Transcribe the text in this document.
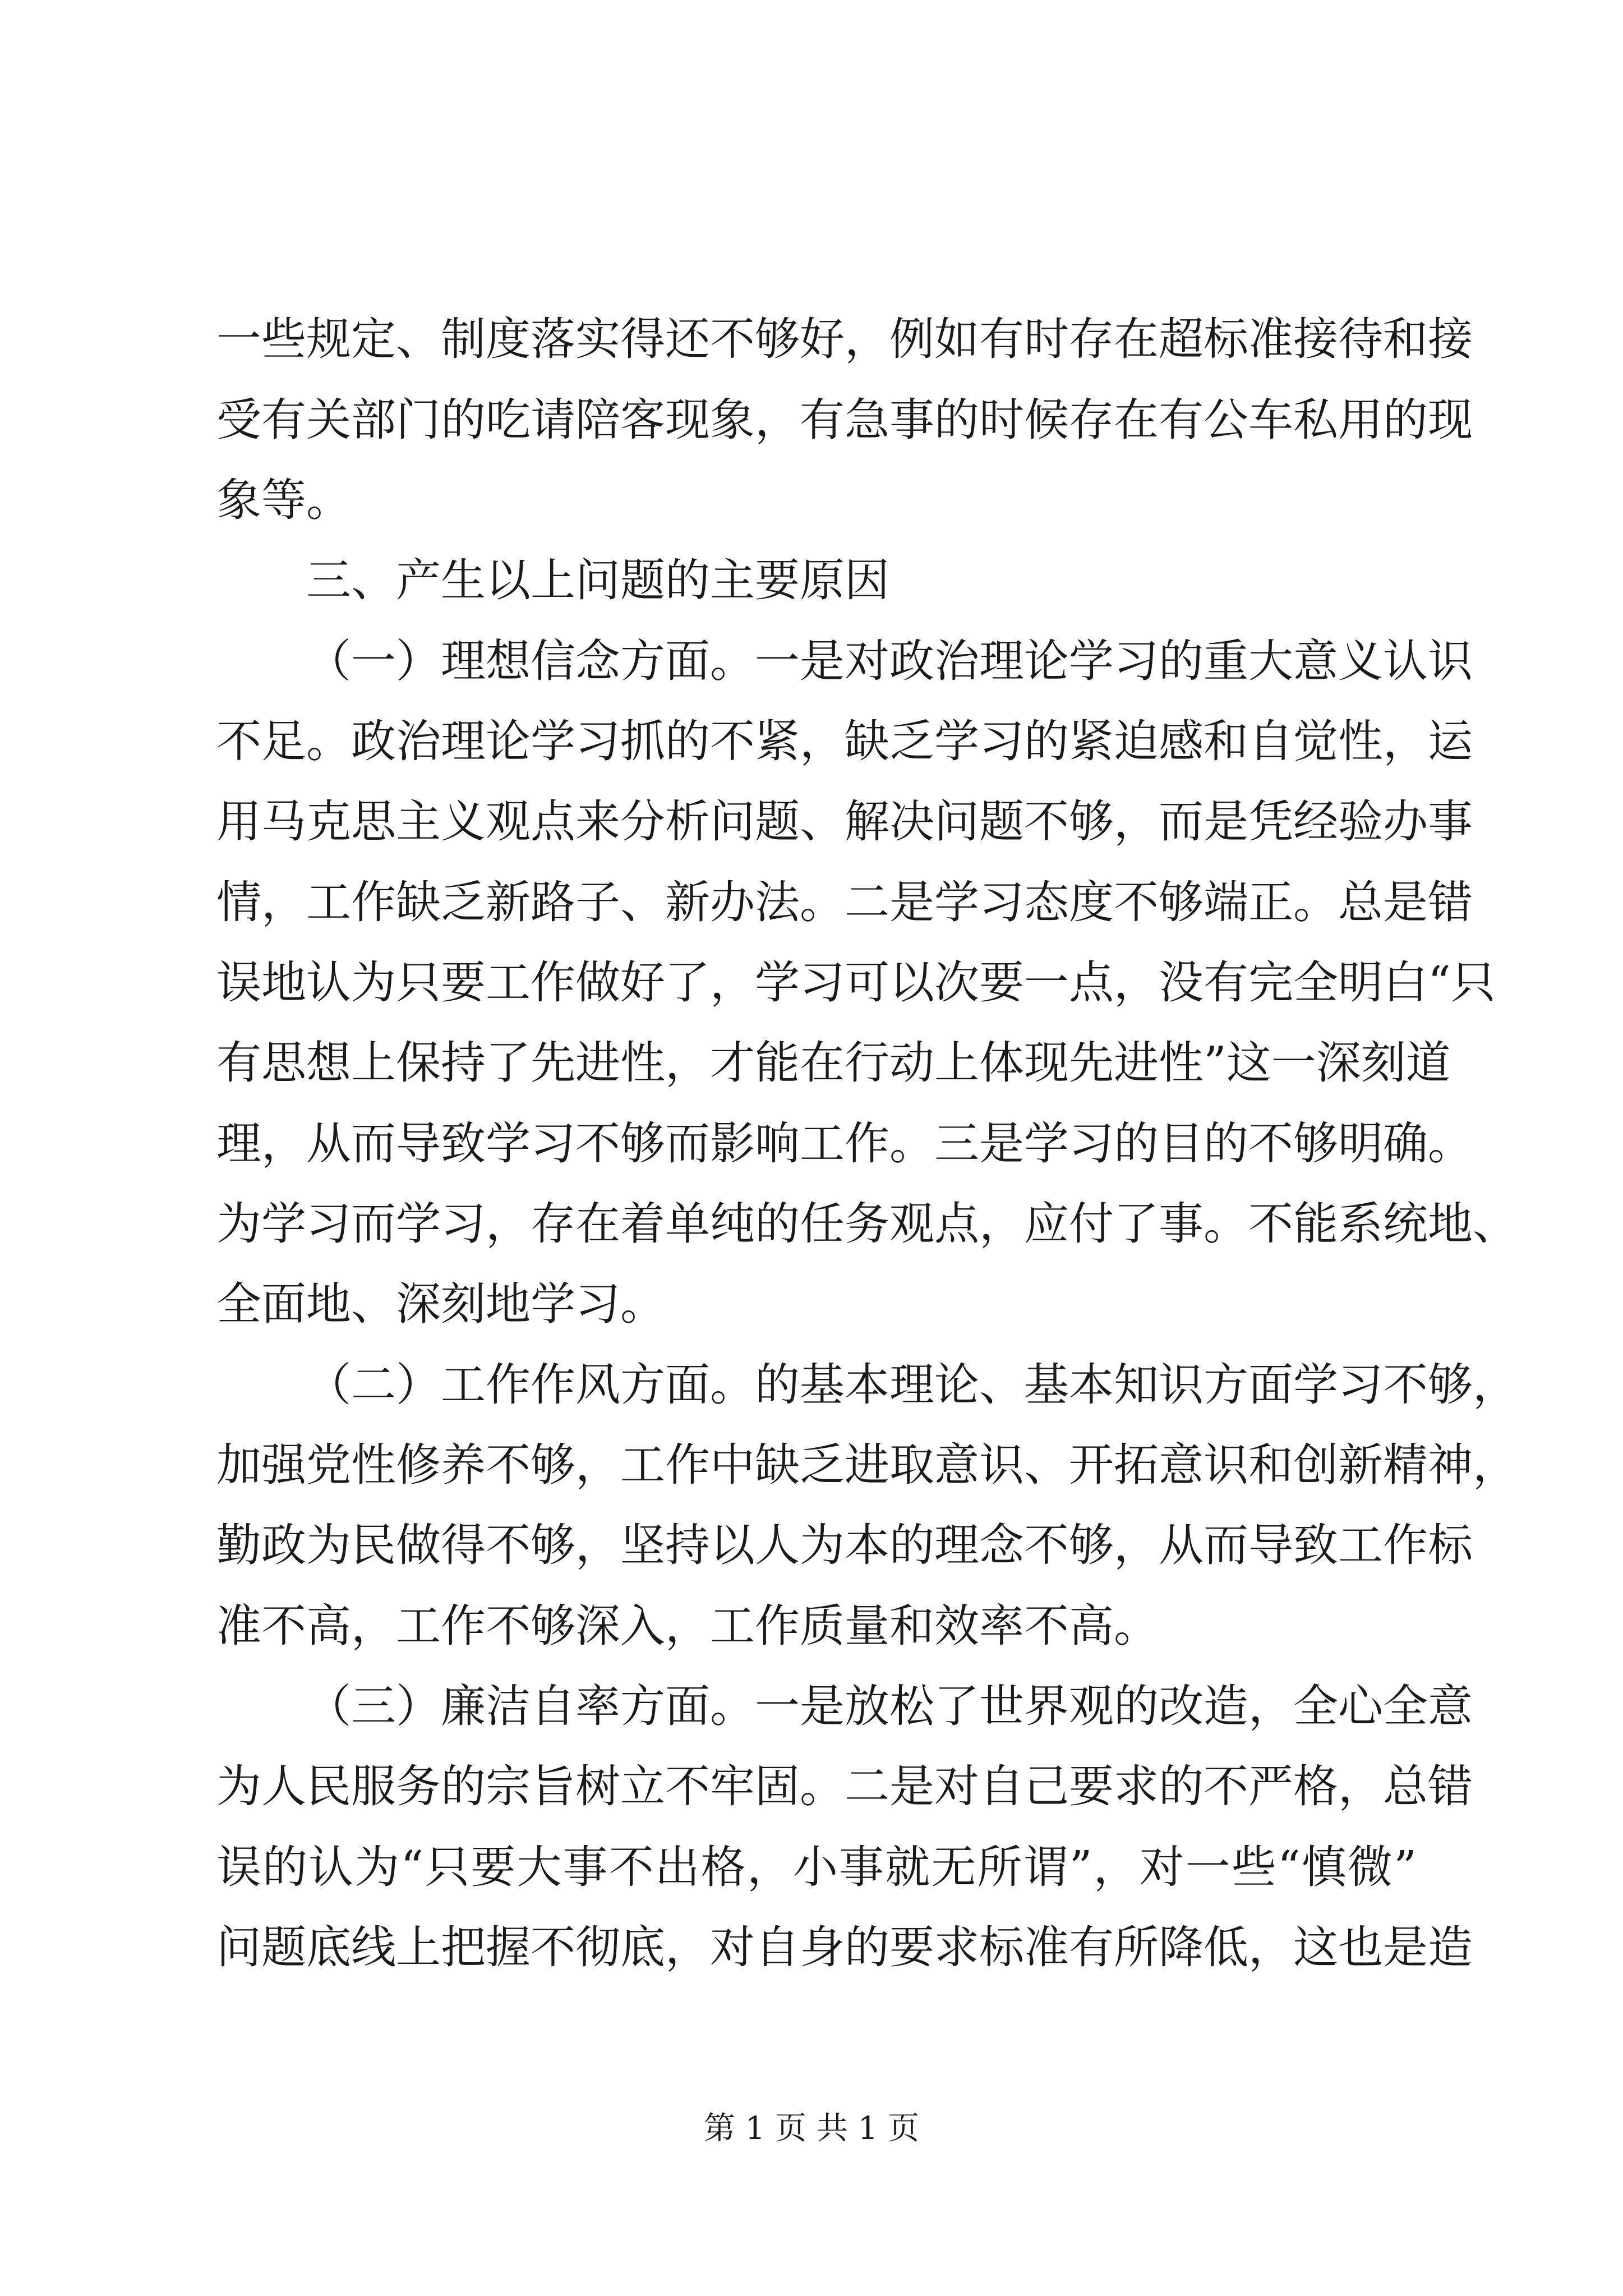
一些规定、制度落实得还不够好，例如有时存在超标准接待和接
受有关部门的吃请陪客现象，有急事的时候存在有公车私用的现
象等。
三、产生以上问题的主要原因
（一）理想信念方面。一是对政治理论学习的重大意义认识
不足。政治理论学习抓的不紧，缺乏学习的紧迫感和自觉性，运
用马克思主义观点来分析问题、解决问题不够，而是凭经验办事
情，工作缺乏新路子、新办法。二是学习态度不够端正。总是错
误地认为只要工作做好了，学习可以次要一点，没有完全明白“只
有思想上保持了先进性，才能在行动上体现先进性”这一深刻道
理，从而导致学习不够而影响工作。三是学习的目的不够明确。
为学习而学习，存在着单纯的任务观点，应付了事。不能系统地、
全面地、深刻地学习。
（二）工作作风方面。的基本理论、基本知识方面学习不够，
加强党性修养不够，工作中缺乏进取意识、开拓意识和创新精神，
勤政为民做得不够，坚持以人为本的理念不够，从而导致工作标
准不高，工作不够深入，工作质量和效率不高。
（三）廉洁自率方面。一是放松了世界观的改造，全心全意
为人民服务的宗旨树立不牢固。二是对自己要求的不严格，总错
误的认为“只要大事不出格，小事就无所谓”，对一些“慎微”
问题底线上把握不彻底，对自身的要求标准有所降低，这也是造
第 1 页 共 1 页
